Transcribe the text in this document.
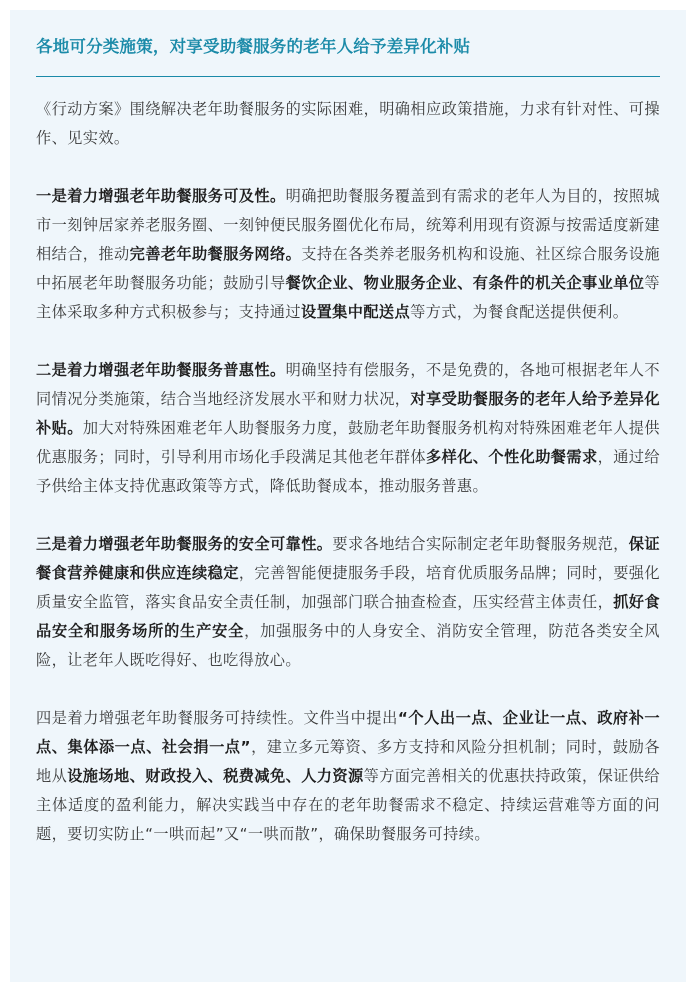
各地可分类施策，对享受助餐服务的老年人给予差异化补贴

《行动方案》围绕解决老年助餐服务的实际困难，明确相应政策措施，力求有针对性、可操作、见实效。

一是着力增强老年助餐服务可及性。明确把助餐服务覆盖到有需求的老年人为目的，按照城市一刻钟居家养老服务圈、一刻钟便民服务圈优化布局，统筹利用现有资源与按需适度新建相结合，推动完善老年助餐服务网络。支持在各类养老服务机构和设施、社区综合服务设施中拓展老年助餐服务功能；鼓励引导餐饮企业、物业服务企业、有条件的机关企事业单位等主体采取多种方式积极参与；支持通过设置集中配送点等方式，为餐食配送提供便利。

二是着力增强老年助餐服务普惠性。明确坚持有偿服务，不是免费的，各地可根据老年人不同情况分类施策，结合当地经济发展水平和财力状况，对享受助餐服务的老年人给予差异化补贴。加大对特殊困难老年人助餐服务力度，鼓励老年助餐服务机构对特殊困难老年人提供优惠服务；同时，引导利用市场化手段满足其他老年群体多样化、个性化助餐需求，通过给予供给主体支持优惠政策等方式，降低助餐成本，推动服务普惠。

三是着力增强老年助餐服务的安全可靠性。要求各地结合实际制定老年助餐服务规范，保证餐食营养健康和供应连续稳定，完善智能便捷服务手段，培育优质服务品牌；同时，要强化质量安全监管，落实食品安全责任制，加强部门联合抽查检查，压实经营主体责任，抓好食品安全和服务场所的生产安全，加强服务中的人身安全、消防安全管理，防范各类安全风险，让老年人既吃得好、也吃得放心。

四是着力增强老年助餐服务可持续性。文件当中提出“个人出一点、企业让一点、政府补一点、集体添一点、社会捐一点”，建立多元筹资、多方支持和风险分担机制；同时，鼓励各地从设施场地、财政投入、税费减免、人力资源等方面完善相关的优惠扶持政策，保证供给主体适度的盈利能力，解决实践当中存在的老年助餐需求不稳定、持续运营难等方面的问题，要切实防止“一哄而起”又“一哄而散”，确保助餐服务可持续。
